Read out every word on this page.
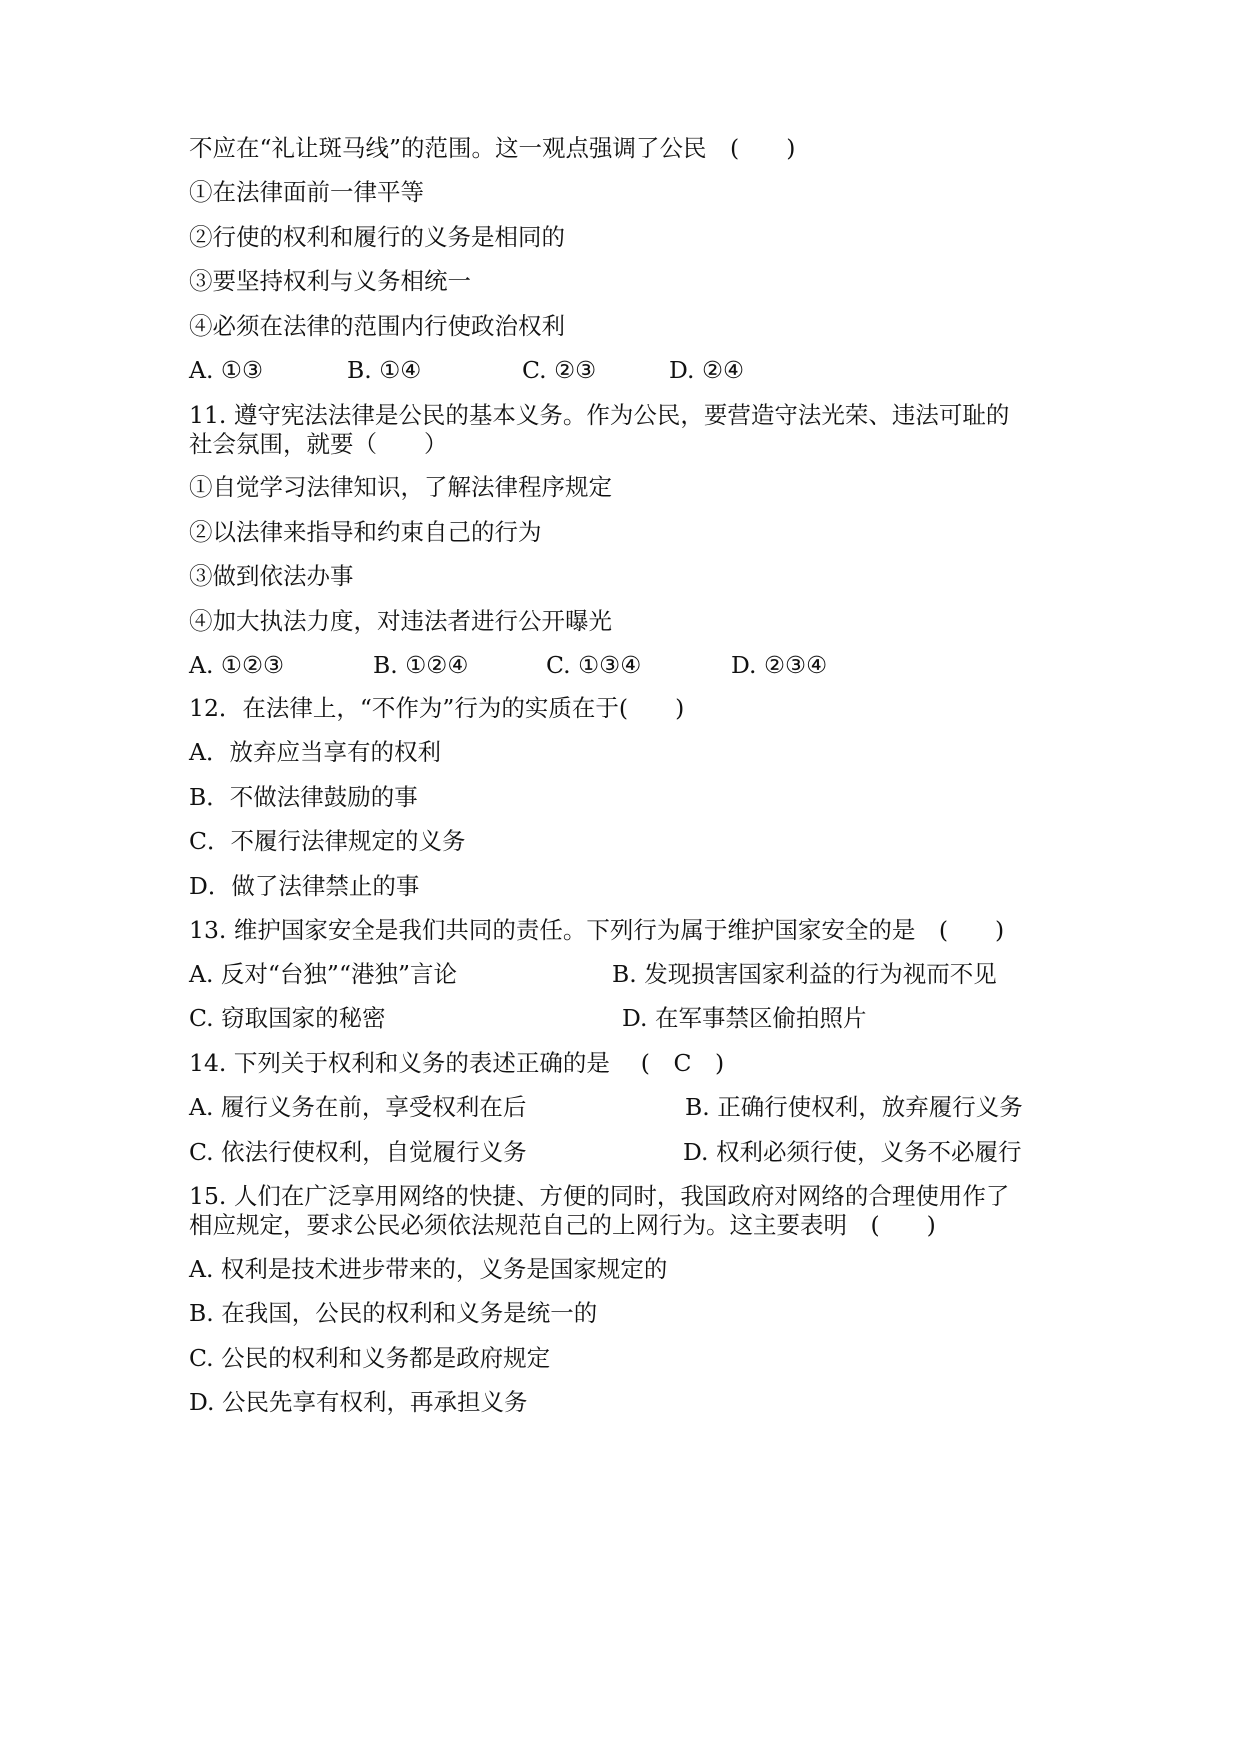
不应在“礼让斑马线”的范围。这一观点强调了公民　(　　)
①在法律面前一律平等
②行使的权利和履行的义务是相同的
③要坚持权利与义务相统一
④必须在法律的范围内行使政治权利
A. ①③	B. ①④	C. ②③	D. ②④
11. 遵守宪法法律是公民的基本义务。作为公民，要营造守法光荣、违法可耻的
社会氛围，就要（　　）
①自觉学习法律知识，了解法律程序规定
②以法律来指导和约束自己的行为
③做到依法办事
④加大执法力度，对违法者进行公开曝光
A. ①②③	B. ①②④	C. ①③④	D. ②③④
12．在法律上，“不作为”行为的实质在于(　　)
A．放弃应当享有的权利
B．不做法律鼓励的事
C．不履行法律规定的义务
D．做了法律禁止的事
13. 维护国家安全是我们共同的责任。下列行为属于维护国家安全的是　(　　)
A. 反对“台独”“港独”言论	B. 发现损害国家利益的行为视而不见
C. 窃取国家的秘密	D. 在军事禁区偷拍照片
14. 下列关于权利和义务的表述正确的是　 (　C　)
A. 履行义务在前，享受权利在后	B. 正确行使权利，放弃履行义务
C. 依法行使权利，自觉履行义务	D. 权利必须行使，义务不必履行
15. 人们在广泛享用网络的快捷、方便的同时，我国政府对网络的合理使用作了
相应规定，要求公民必须依法规范自己的上网行为。这主要表明　(　　)
A. 权利是技术进步带来的，义务是国家规定的
B. 在我国，公民的权利和义务是统一的
C. 公民的权利和义务都是政府规定
D. 公民先享有权利，再承担义务
